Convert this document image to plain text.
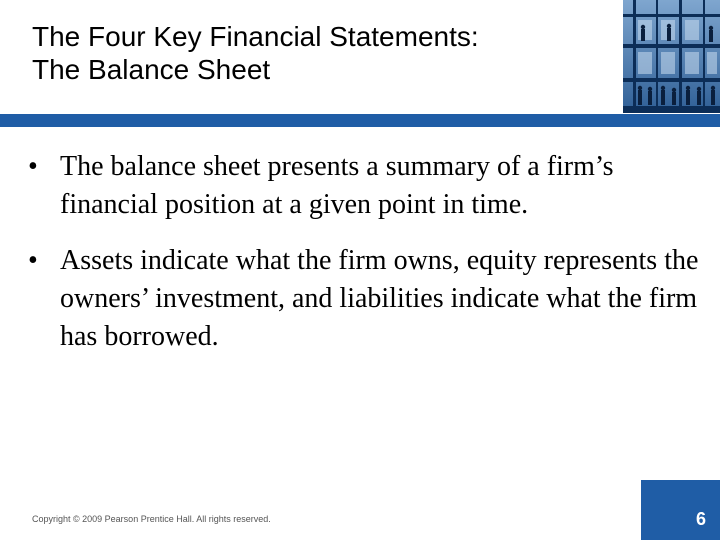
The Four Key Financial Statements:
The Balance Sheet
• The balance sheet presents a summary of a firm’s financial position at a given point in time.
• Assets indicate what the firm owns, equity represents the owners’ investment, and liabilities indicate what the firm has borrowed.
Copyright © 2009 Pearson Prentice Hall. All rights reserved.	6
